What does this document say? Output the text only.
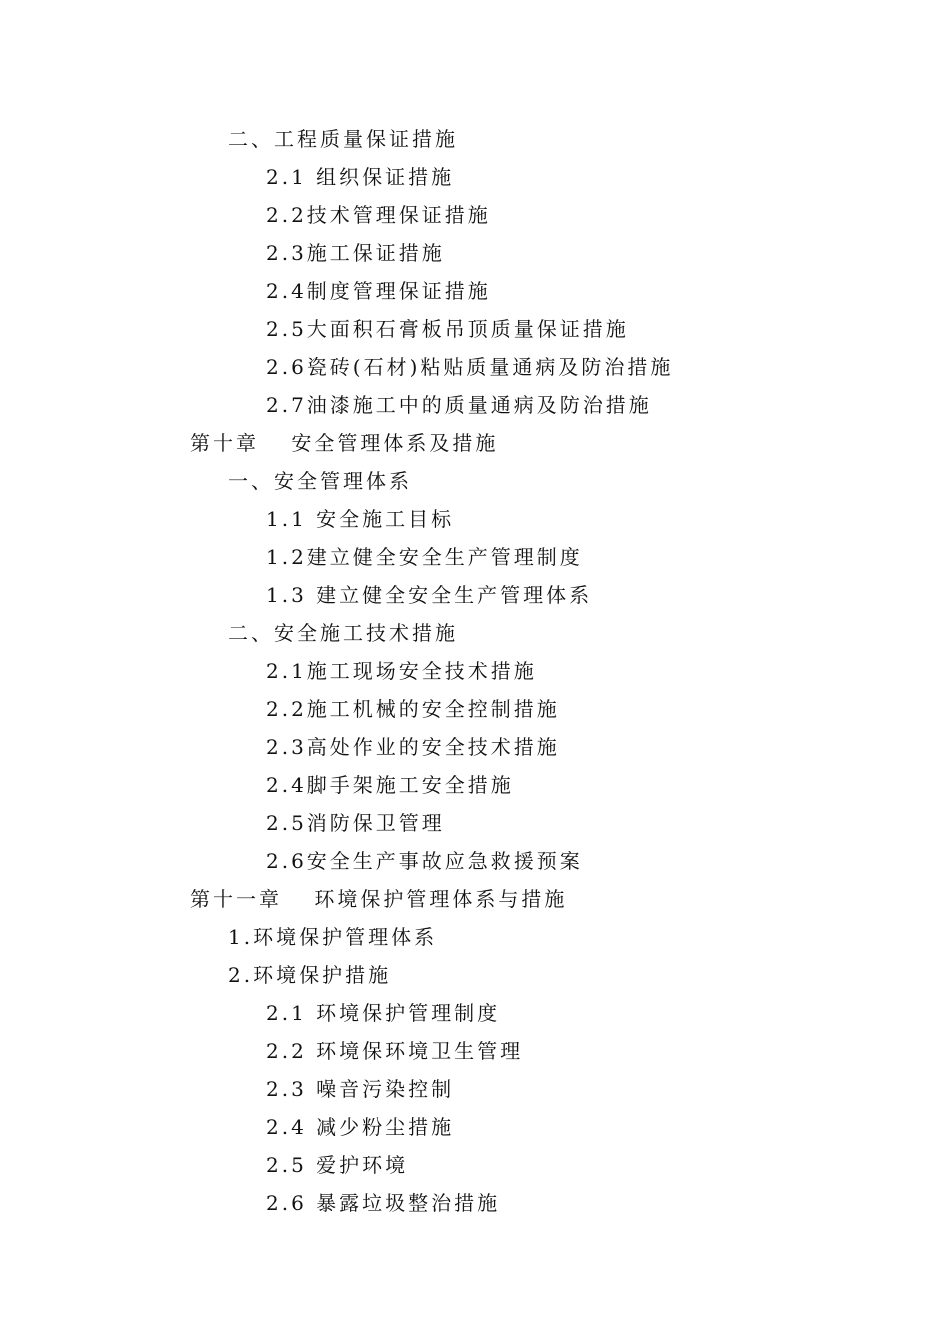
二、工程质量保证措施
2.1 组织保证措施
2.2技术管理保证措施
2.3施工保证措施
2.4制度管理保证措施
2.5大面积石膏板吊顶质量保证措施
2.6瓷砖(石材)粘贴质量通病及防治措施
2.7油漆施工中的质量通病及防治措施
第十章　 安全管理体系及措施
一、安全管理体系
1.1 安全施工目标
1.2建立健全安全生产管理制度
1.3 建立健全安全生产管理体系
二、安全施工技术措施
2.1施工现场安全技术措施
2.2施工机械的安全控制措施
2.3高处作业的安全技术措施
2.4脚手架施工安全措施
2.5消防保卫管理
2.6安全生产事故应急救援预案
第十一章　 环境保护管理体系与措施
1.环境保护管理体系
2.环境保护措施
2.1 环境保护管理制度
2.2 环境保环境卫生管理
2.3 噪音污染控制
2.4 减少粉尘措施
2.5 爱护环境
2.6 暴露垃圾整治措施
